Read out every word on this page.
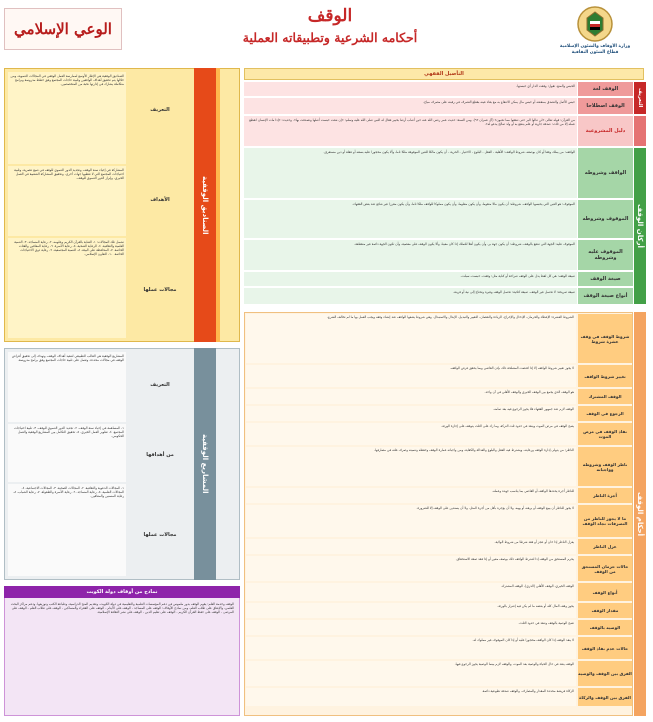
الوقف
أحكامه الشرعية وتطبيقاته العملية
الوعي الإسلامي
وزارة الأوقاف والشئون الإسلامية
قطاع الشئون الثقافية
التأصيل الفقهي
التعريف
الوقف لغة
الحبس والمنع. تقول: وقفت الدار أي حبستها.
الوقف اصطلاحا
حبس الأصل والتصدق بمنفعته أو حبس مال يمكن الانتفاع به مع بقاء عينه بقطع التصرف في رقبته على مصرف مباح.
دليل المشروعية
من القرآن: قوله تعالى «لن تنالوا البر حتى تنفقوا مما تحبون» (آل عمران ٩٢). ومن السنة: حديث عمر رضي الله عنه حين أصاب أرضا بخيبر فقال له النبي صلى الله عليه وسلم: «إن شئت حبست أصلها وتصدقت بها». وحديث: «إذا مات الإنسان انقطع عمله إلا من ثلاث: صدقة جارية أو علم ينتفع به أو ولد صالح يدعو له».
أركان الوقف
الواقف وشروطه
الواقف: من يملك وقفا أو كان بوصفه. شروط الواقف: الأهلية - العقل - البلوغ - الاختيار - الحرية - أن يكون مالكا للعين الموقوفة ملكا تاما، وألا يكون محجورا عليه بسفه أو غفلة أو دين مستغرق.
الموقوف وشروطه
الموقوف: هو العين التي يحبسها الواقف. شروطه: أن يكون مالا متقوما، وأن يكون معلوما، وأن يكون مملوكا للواقف ملكا تاما، وأن يكون مفرزا غير شائع عند بعض الفقهاء.
الموقوف عليه وشروطه
الموقوف عليه: الجهة التي تنتفع بالوقف. شروطه: أن يكون جهة بر، وأن يكون أهلا للتملك إذا كان معينا، وألا يكون الوقف على معصية، وأن تكون الجهة دائمة غير منقطعة.
صيغة الوقف
صيغة الوقف: هي كل لفظ يدل على الوقف صراحة أو كناية مثل: وقفت، حبست، سبلت.
أنواع صيغة الوقف
صيغة صريحة: لا تحتمل غير الوقف. صيغة كنائية: تحتمل الوقف وغيره وتحتاج إلى نية أو قرينة.
أحكام الوقف
شروط الوقف في وقف عشرة شروط
الشروط العشرة: الإعطاء والحرمان، الإدخال والإخراج، الزيادة والنقصان، التغيير والتبديل، الإبدال والاستبدال. وهي شروط يضعها الواقف عند إنشاء وقفه ويجب العمل بها ما لم تخالف الشرع.
تغيير شروط الواقف
لا يجوز تغيير شروط الواقف إلا إذا اقتضت المصلحة ذلك بإذن القاضي وبما يحقق غرض الواقف.
الوقف المشترك
هو الوقف الذي يجمع بين الوقف الخيري والوقف الأهلي في آن واحد.
الرجوع في الوقف
الوقف لازم عند جمهور الفقهاء فلا يجوز الرجوع فيه بعد تمامه.
نفاذ الوقف في مرض الموت
يصح الوقف في مرض الموت وينفذ في حدود ثلث التركة، وما زاد على الثلث يتوقف على إجازة الورثة.
ناظر الوقف وشروطه وواجباته
الناظر: من يتولى إدارة الوقف ورعايته. ويشترط فيه العقل والبلوغ والعدالة والكفاية، ومن واجباته عمارة الوقف وحفظه وتنميته وصرف غلته في مصارفها.
أجرة الناظر
للناظر أجرة يحددها الواقف أو القاضي بما يناسب جهده وعمله.
ما لا يجوز للناظر من التصرفات تجاه الوقف
لا يجوز للناظر أن يبيع الوقف أو يرهنه أو يهبه، ولا أن يؤجره بأقل من أجرة المثل، ولا أن يستدين على الوقف إلا للضرورة.
عزل الناظر
يعزل الناظر إذا خان أو عجز أو فقد شرطا من شروط الولاية.
حالات حرمان المستحق من الوقف
يحرم المستحق من الوقف إذا اشترط الواقف ذلك بوصف معين أو إذا فقد صفة الاستحقاق.
أنواع الوقف
الوقف الخيري، الوقف الأهلي (الذري)، الوقف المشترك.
مقدار الوقف
يجوز وقف المال كله أو بعضه ما لم يكن فيه إضرار بالورثة.
الوصية بالوقف
تصح الوصية بالوقف وتنفذ في حدود الثلث.
حالات عدم نفاذ الوقف
لا ينفذ الوقف إذا كان الواقف محجورا عليه أو إذا كان الموقوف غير مملوك له.
الفرق بين الوقف والوصية
الوقف ينفذ في حال الحياة والوصية بعد الموت، والوقف لازم بينما الوصية يجوز الرجوع فيها.
الفرق بين الوقف والزكاة
الزكاة فريضة محددة المقدار والمصارف، والوقف صدقة تطوعية دائمة.
الصناديق الوقفية
التعريف
الصناديق الوقفية هي الإطار الأوسع لممارسة العمل الوقفي في المجالات التنموية، ومن خلالها يتم تحقيق أهداف الواقفين وتلبية حاجات المجتمع وفق خطط مدروسة وبرامج متكاملة يشارك في إدارتها نخبة من المتخصصين.
الأهداف
المشاركة في إحياء سنة الوقف، وتجديد الدور التنموي للوقف في صيغ عصرية، وتلبية احتياجات المجتمع التي لا تغطيها جهات أخرى، وتحقيق المشاركة الشعبية في العمل الخيري، وإبراز الدور التنموي للوقف.
مجالات عملها
تشمل تلك المجالات: ١- العناية بالقرآن الكريم وعلومه. ٢- رعاية المساجد. ٣- التنمية العلمية والثقافية. ٤- الرعاية الصحية. ٥- رعاية الأسرة. ٦- رعاية المعاقين والفئات الخاصة. ٧- المحافظة على البيئة. ٨- التنمية المجتمعية. ٩- رعاية ذوي الاحتياجات الخاصة. ١٠- التعاون الإسلامي.
المشاريع الوقفية
التعريف
المشاريع الوقفية هي القالب التطبيقي لتنفيذ أهداف الوقف، وتهدف إلى تحقيق أغراض الوقف في مجالات محددة، وتعمل على تلبية حاجات المجتمع وفق برامج مدروسة.
من أهدافها
١- المساهمة في إحياء سنة الوقف. ٢- تجديد الدور التنموي للوقف. ٣- تلبية احتياجات المجتمع. ٤- تطوير العمل الخيري. ٥- تحقيق التكامل بين المشاريع الوقفية والعمل الحكومي.
مجالات عملها
١- المجالات الدعوية والثقافية. ٢- المجالات الصحية. ٣- المجالات الاجتماعية. ٤- المجالات العلمية. ٥- رعاية المساجد. ٦- رعاية الأسرة والطفولة. ٧- رعاية الشباب. ٨- رعاية المسنين والمعاقين.
نماذج من أوقاف دولة الكويت
الوقف وخدمة العلم: يقوم الوقف بدور ملموس في دعم المؤسسات العلمية والتعليمية في دولة الكويت، وتقديم المنح الدراسية، وطباعة الكتب وتوزيعها، ودعم مراكز البحث العلمي، والإنفاق على طلاب العلم. ومن نماذج الأوقاف: الوقف على المساجد - الوقف على الأيتام - الوقف على الفقراء والمساكين - الوقف على طلاب العلم - الوقف على المرضى - الوقف على حفظ القرآن الكريم - الوقف على تعليم الدين - الوقف على نشر الثقافة الإسلامية.
